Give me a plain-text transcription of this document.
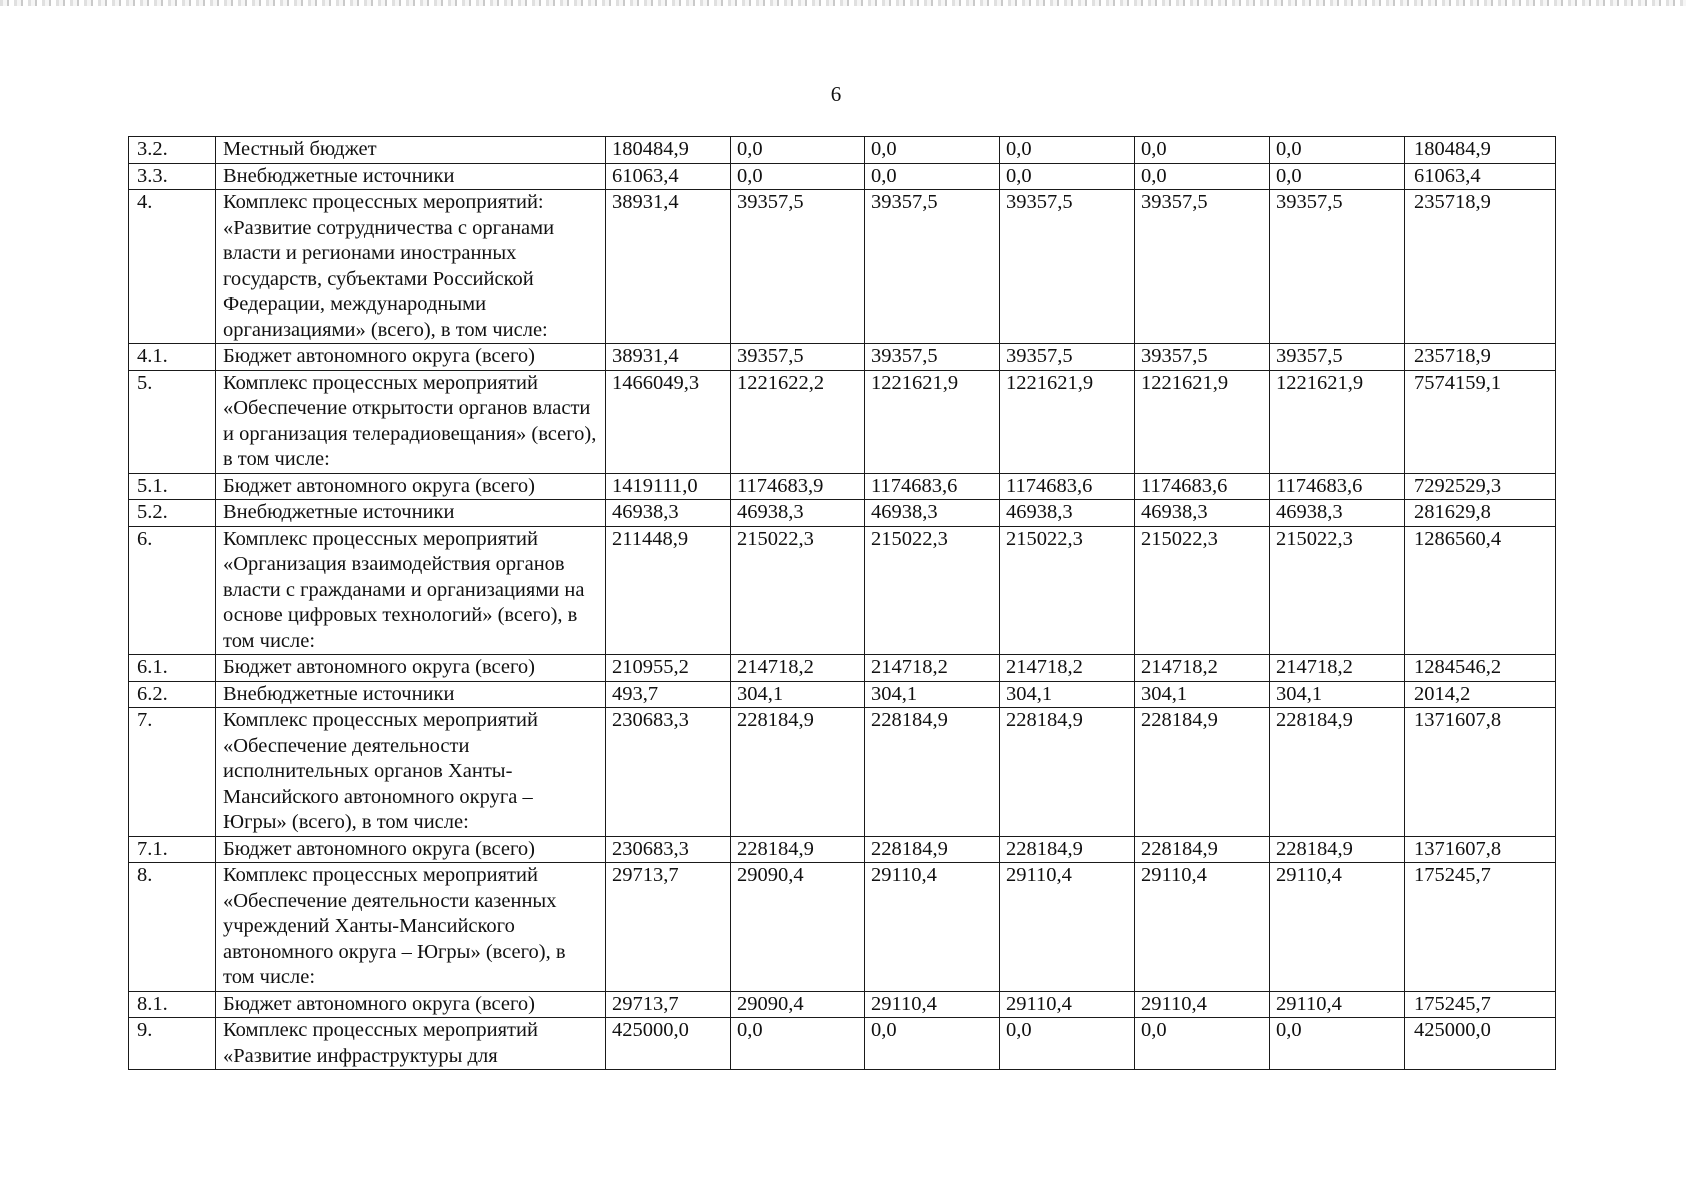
6
3.2.	Местный бюджет	180484,9	0,0	0,0	0,0	0,0	0,0	180484,9
3.3.	Внебюджетные источники	61063,4	0,0	0,0	0,0	0,0	0,0	61063,4
4.	Комплекс процессных мероприятий: «Развитие сотрудничества с органами власти и регионами иностранных государств, субъектами Российской Федерации, международными организациями» (всего), в том числе:	38931,4	39357,5	39357,5	39357,5	39357,5	39357,5	235718,9
4.1.	Бюджет автономного округа (всего)	38931,4	39357,5	39357,5	39357,5	39357,5	39357,5	235718,9
5.	Комплекс процессных мероприятий «Обеспечение открытости органов власти и организация телерадиовещания» (всего), в том числе:	1466049,3	1221622,2	1221621,9	1221621,9	1221621,9	1221621,9	7574159,1
5.1.	Бюджет автономного округа (всего)	1419111,0	1174683,9	1174683,6	1174683,6	1174683,6	1174683,6	7292529,3
5.2.	Внебюджетные источники	46938,3	46938,3	46938,3	46938,3	46938,3	46938,3	281629,8
6.	Комплекс процессных мероприятий «Организация взаимодействия органов власти с гражданами и организациями на основе цифровых технологий» (всего), в том числе:	211448,9	215022,3	215022,3	215022,3	215022,3	215022,3	1286560,4
6.1.	Бюджет автономного округа (всего)	210955,2	214718,2	214718,2	214718,2	214718,2	214718,2	1284546,2
6.2.	Внебюджетные источники	493,7	304,1	304,1	304,1	304,1	304,1	2014,2
7.	Комплекс процессных мероприятий «Обеспечение деятельности исполнительных органов Ханты-Мансийского автономного округа – Югры» (всего), в том числе:	230683,3	228184,9	228184,9	228184,9	228184,9	228184,9	1371607,8
7.1.	Бюджет автономного округа (всего)	230683,3	228184,9	228184,9	228184,9	228184,9	228184,9	1371607,8
8.	Комплекс процессных мероприятий «Обеспечение деятельности казенных учреждений Ханты-Мансийского автономного округа – Югры» (всего), в том числе:	29713,7	29090,4	29110,4	29110,4	29110,4	29110,4	175245,7
8.1.	Бюджет автономного округа (всего)	29713,7	29090,4	29110,4	29110,4	29110,4	29110,4	175245,7
9.	Комплекс процессных мероприятий «Развитие инфраструктуры для	425000,0	0,0	0,0	0,0	0,0	0,0	425000,0
